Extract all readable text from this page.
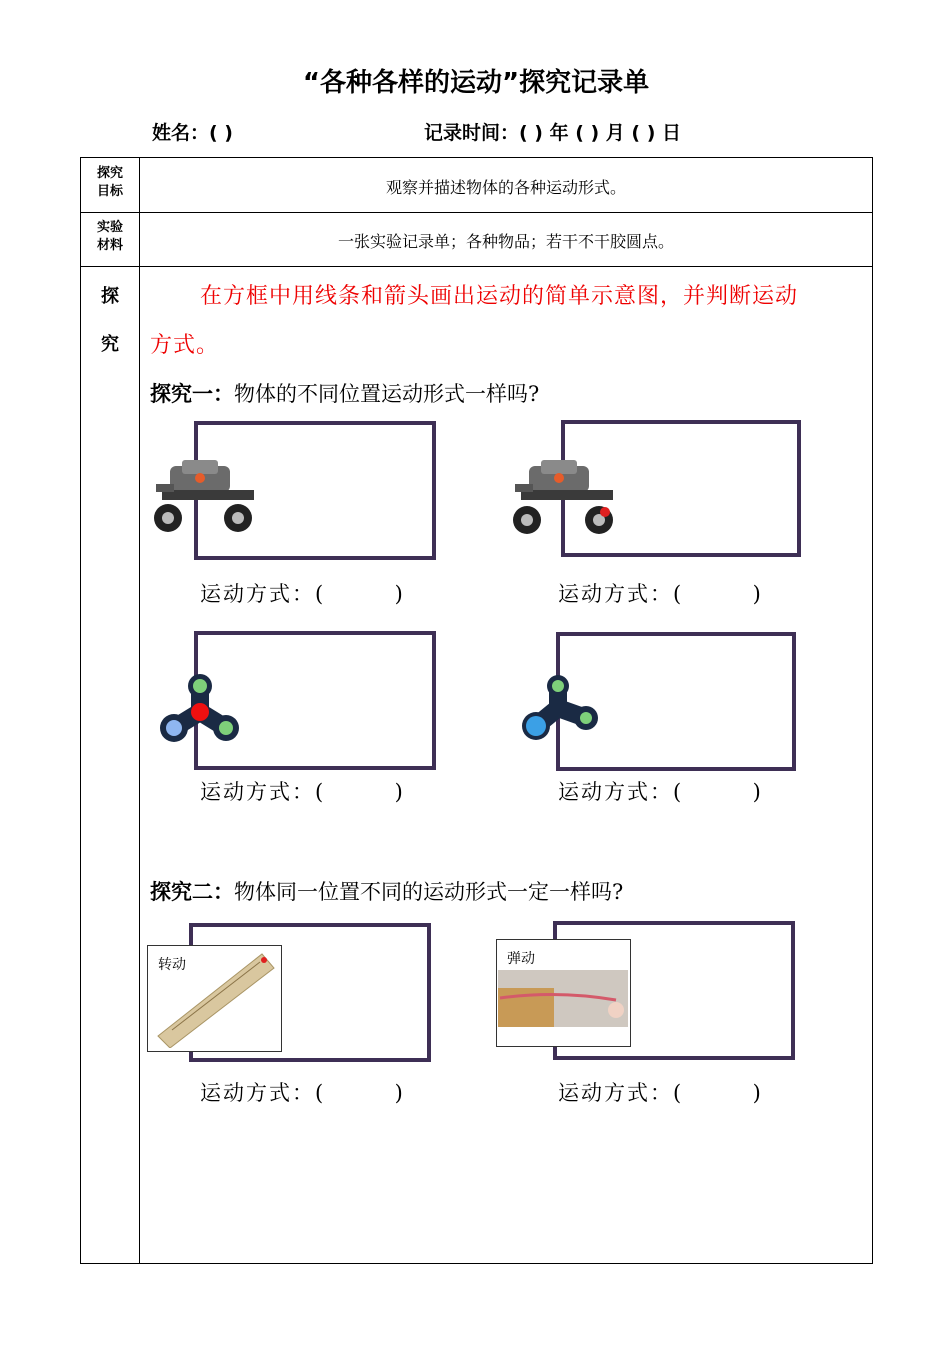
“各种各样的运动”探究记录单
姓名：( )	记录时间：( ) 年 ( ) 月 ( ) 日
探究
目标	观察并描述物体的各种运动形式。
实验
材料	一张实验记录单；各种物品；若干不干胶圆点。
探
究
在方框中用线条和箭头画出运动的简单示意图，并判断运动
方式。
探究一：物体的不同位置运动形式一样吗?
运动方式：(        )	运动方式：(        )
运动方式：(        )	运动方式：(        )
探究二：物体同一位置不同的运动形式一定一样吗?
转动
运动方式：(        )
弹动
运动方式：(        )
